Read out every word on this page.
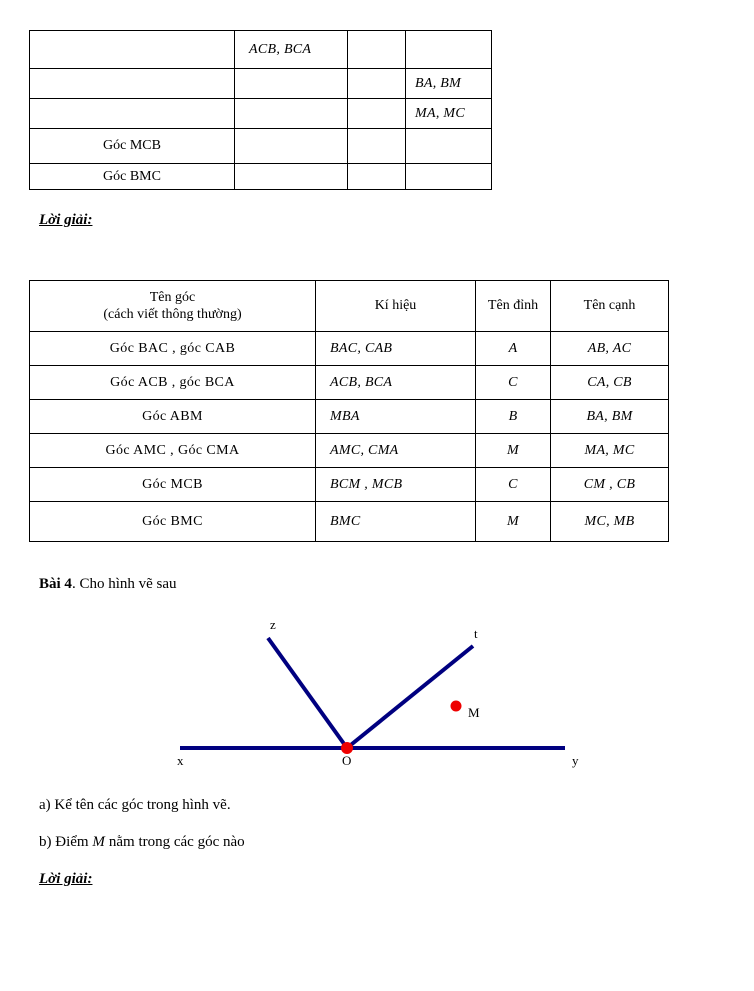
	ACB, BCA		
			BA, BM
			MA, MC
Góc MCB			
Góc BMC			
Lời giải:
Tên góc
(cách viết thông thường)	Kí hiệu	Tên đỉnh	Tên cạnh
Góc BAC , góc CAB	BAC, CAB	A	AB, AC
Góc ACB , góc BCA	ACB, BCA	C	CA, CB
Góc ABM	MBA	B	BA, BM
Góc AMC , Góc CMA	AMC, CMA	M	MA, MC
Góc MCB	BCM , MCB	C	CM , CB
Góc BMC	BMC	M	MC, MB
Bài 4. Cho hình vẽ sau
z
t
x	y
O
M
a) Kể tên các góc trong hình vẽ.
b) Điểm M nằm trong các góc nào
Lời giải:
